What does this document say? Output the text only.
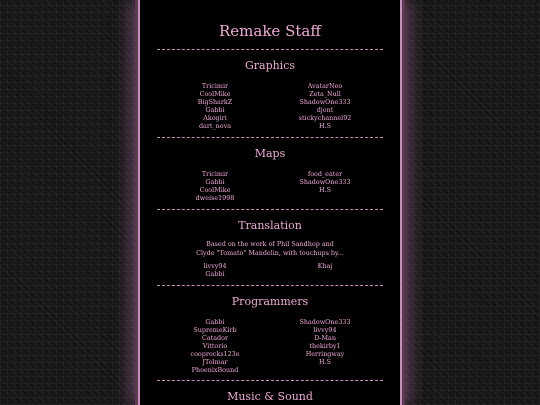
Remake Staff
Graphics
Tricimir
CoolMike
BigSharkZ
Gabbi
Akogiri
dart_nova
AvatarNeo
Zeta_Null
ShadowOne333
djont
stickychannel92
H.S
Maps
Tricimir
Gabbi
CoolMike
dweise1998
food_eater
ShadowOne333
H.S
Translation
Based on the work of Phil Sandhop and
Clyde "Tomato" Mandelin, with touchups by...
livvy94
Gabbi
Khaj
Programmers
Gabbi
SupremeKirb
Catador
Vittorio
cooprocks123e
JTolmar
PhoenixBound
ShadowOne333
livvy94
D-Man
thekirby1
Herringway
H.S
Music & Sound
